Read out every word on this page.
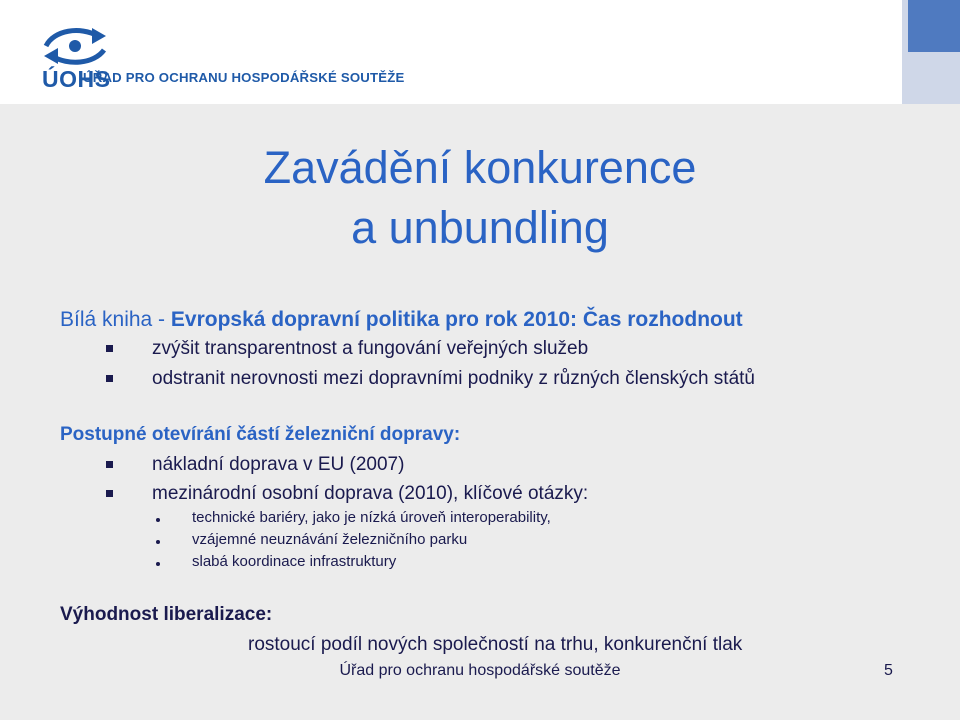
ÚOHS
ÚŘAD PRO OCHRANU HOSPODÁŘSKÉ SOUTĚŽE
Zavádění konkurence
a unbundling
Bílá kniha - Evropská dopravní politika pro rok 2010: Čas rozhodnout
zvýšit transparentnost a fungování veřejných služeb
odstranit nerovnosti mezi dopravními podniky z různých členských států
Postupné otevírání částí železniční dopravy:
nákladní doprava v EU (2007)
mezinárodní osobní doprava (2010), klíčové otázky:
technické bariéry, jako je nízká úroveň interoperability,
vzájemné neuznávání železničního parku
slabá koordinace infrastruktury
Výhodnost liberalizace:
rostoucí podíl nových společností na trhu, konkurenční tlak
Úřad pro ochranu hospodářské soutěže	5
